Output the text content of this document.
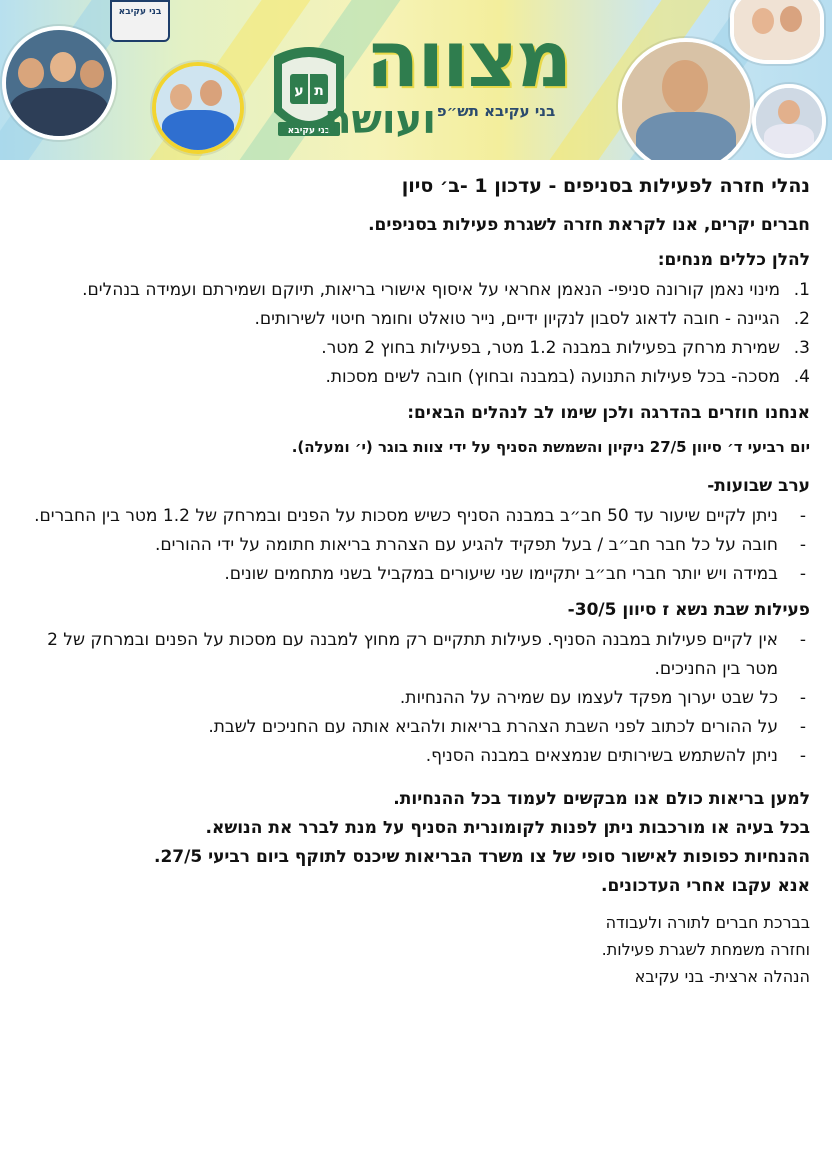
בני עקיבא
ע ת
בני עקיבא
מצווה
ועושה בני עקיבא תש״פ
נהלי חזרה לפעילות בסניפים - עדכון 1 -ב׳ סיון

חברים יקרים, אנו לקראת חזרה לשגרת פעילות בסניפים.

להלן כללים מנחים:

1.
מינוי נאמן קורונה סניפי- הנאמן אחראי על איסוף אישורי בריאות, תיוקם ושמירתם ועמידה בנהלים.
2.
הגיינה - חובה לדאוג לסבון לנקיון ידיים, נייר טואלט וחומר חיטוי לשירותים.
3.
שמירת מרחק בפעילות במבנה 1.2 מטר, בפעילות בחוץ 2 מטר.
4.
מסכה- בכל פעילות התנועה (במבנה ובחוץ) חובה לשים מסכות.

אנחנו חוזרים בהדרגה ולכן שימו לב לנהלים הבאים:

יום רביעי ד׳ סיוון 27/5 ניקיון והשמשת הסניף על ידי צוות בוגר (י׳ ומעלה).

ערב שבועות-

-
ניתן לקיים שיעור עד 50 חב״ב במבנה הסניף כשיש מסכות על הפנים ובמרחק של 1.2 מטר בין החברים.
-
חובה על כל חבר חב״ב / בעל תפקיד להגיע עם הצהרת בריאות חתומה על ידי ההורים.
-
במידה ויש יותר חברי חב״ב יתקיימו שני שיעורים במקביל בשני מתחמים שונים.

פעילות שבת נשא ז סיוון 30/5-

-
אין לקיים פעילות במבנה הסניף. פעילות תתקיים רק מחוץ למבנה עם מסכות על הפנים ובמרחק של 2 מטר בין החניכים.
-
כל שבט יערוך מפקד לעצמו עם שמירה על ההנחיות.
-
על ההורים לכתוב לפני השבת הצהרת בריאות ולהביא אותה עם החניכים לשבת.
-
ניתן להשתמש בשירותים שנמצאים במבנה הסניף.

למען בריאות כולם אנו מבקשים לעמוד בכל ההנחיות.

בכל בעיה או מורכבות ניתן לפנות לקומונרית הסניף על מנת לברר את הנושא.

ההנחיות כפופות לאישור סופי של צו משרד הבריאות שיכנס לתוקף ביום רביעי 27/5.

אנא עקבו אחרי העדכונים.

בברכת חברים לתורה ולעבודה

וחזרה משמחת לשגרת פעילות.

הנהלה ארצית- בני עקיבא
